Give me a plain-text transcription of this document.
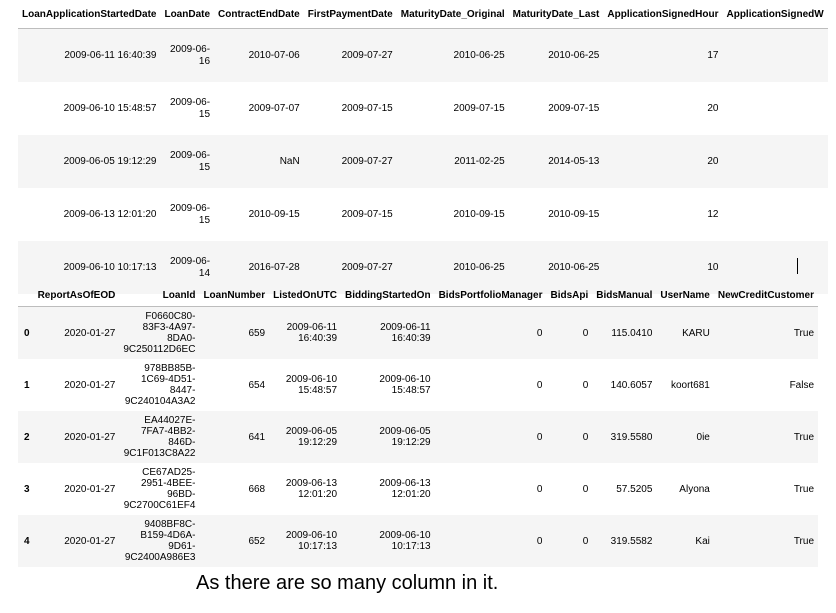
LoanApplicationStartedDate	LoanDate	ContractEndDate	FirstPaymentDate	MaturityDate_Original	MaturityDate_Last	ApplicationSignedHour	ApplicationSignedW
2009-06-11 16:40:39	2009-06-16	2010-07-06	2009-07-27	2010-06-25	2010-06-25	17	
2009-06-10 15:48:57	2009-06-15	2009-07-07	2009-07-15	2009-07-15	2009-07-15	20	
2009-06-05 19:12:29	2009-06-15	NaN	2009-07-27	2011-02-25	2014-05-13	20	
2009-06-13 12:01:20	2009-06-15	2010-09-15	2009-07-15	2010-09-15	2010-09-15	12	
2009-06-10 10:17:13	2009-06-14	2016-07-28	2009-07-27	2010-06-25	2010-06-25	10	
	ReportAsOfEOD	LoanId	LoanNumber	ListedOnUTC	BiddingStartedOn	BidsPortfolioManager	BidsApi	BidsManual	UserName	NewCreditCustomer
0	2020-01-27	F0660C80-83F3-4A97-8DA0-9C250112D6EC	659	2009-06-11 16:40:39	2009-06-11 16:40:39	0	0	115.0410	KARU	True
1	2020-01-27	978BB85B-1C69-4D51-8447-9C240104A3A2	654	2009-06-10 15:48:57	2009-06-10 15:48:57	0	0	140.6057	koort681	False
2	2020-01-27	EA44027E-7FA7-4BB2-846D-9C1F013C8A22	641	2009-06-05 19:12:29	2009-06-05 19:12:29	0	0	319.5580	0ie	True
3	2020-01-27	CE67AD25-2951-4BEE-96BD-9C2700C61EF4	668	2009-06-13 12:01:20	2009-06-13 12:01:20	0	0	57.5205	Alyona	True
4	2020-01-27	9408BF8C-B159-4D6A-9D61-9C2400A986E3	652	2009-06-10 10:17:13	2009-06-10 10:17:13	0	0	319.5582	Kai	True
As there are so many column in it.
